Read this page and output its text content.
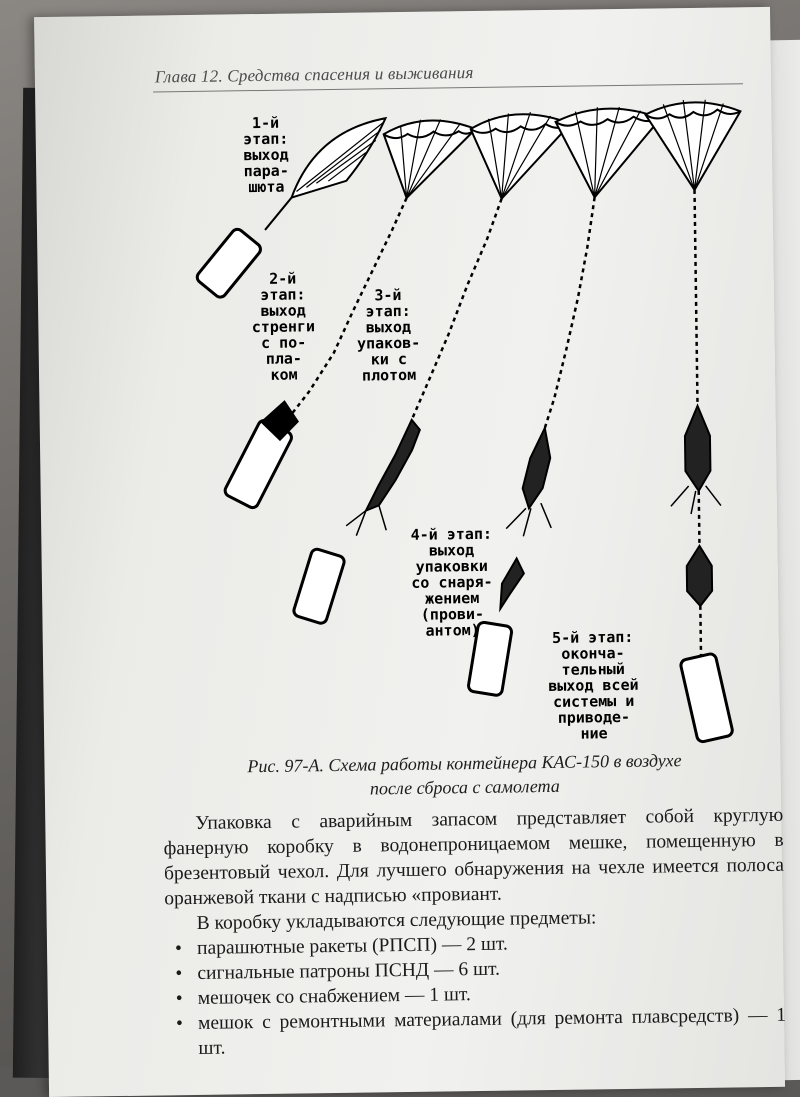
Глава 12. Средства спасения и выживания
1-йэтап:выходпара-шюта
2-йэтап:выходстренгис по-пла-ком
3-йэтап:выходупаков-ки сплотом
4-й этап:выходупаковкисо снаря-жением(прови-антом)	5-й этап:оконча-тельныйвыход всейсистемы иприводе-ние
Рис. 97-А. Схема работы контейнера КАС-150 в воздухе
после сброса с самолета

Упаковка с аварийным запасом представляет собой круглую фанерную коробку в водонепроницаемом мешке, помещенную в брезентовый чехол. Для лучшего обнаружения на чехле имеется полоса оранжевой ткани с надписью «провиант.

В коробку укладываются следующие предметы:

• парашютные ракеты (РПСП) — 2 шт.
• сигнальные патроны ПСНД — 6 шт.
• мешочек со снабжением — 1 шт.
• мешок с ремонтными материалами (для ремонта плавсредств) — 1 шт.
